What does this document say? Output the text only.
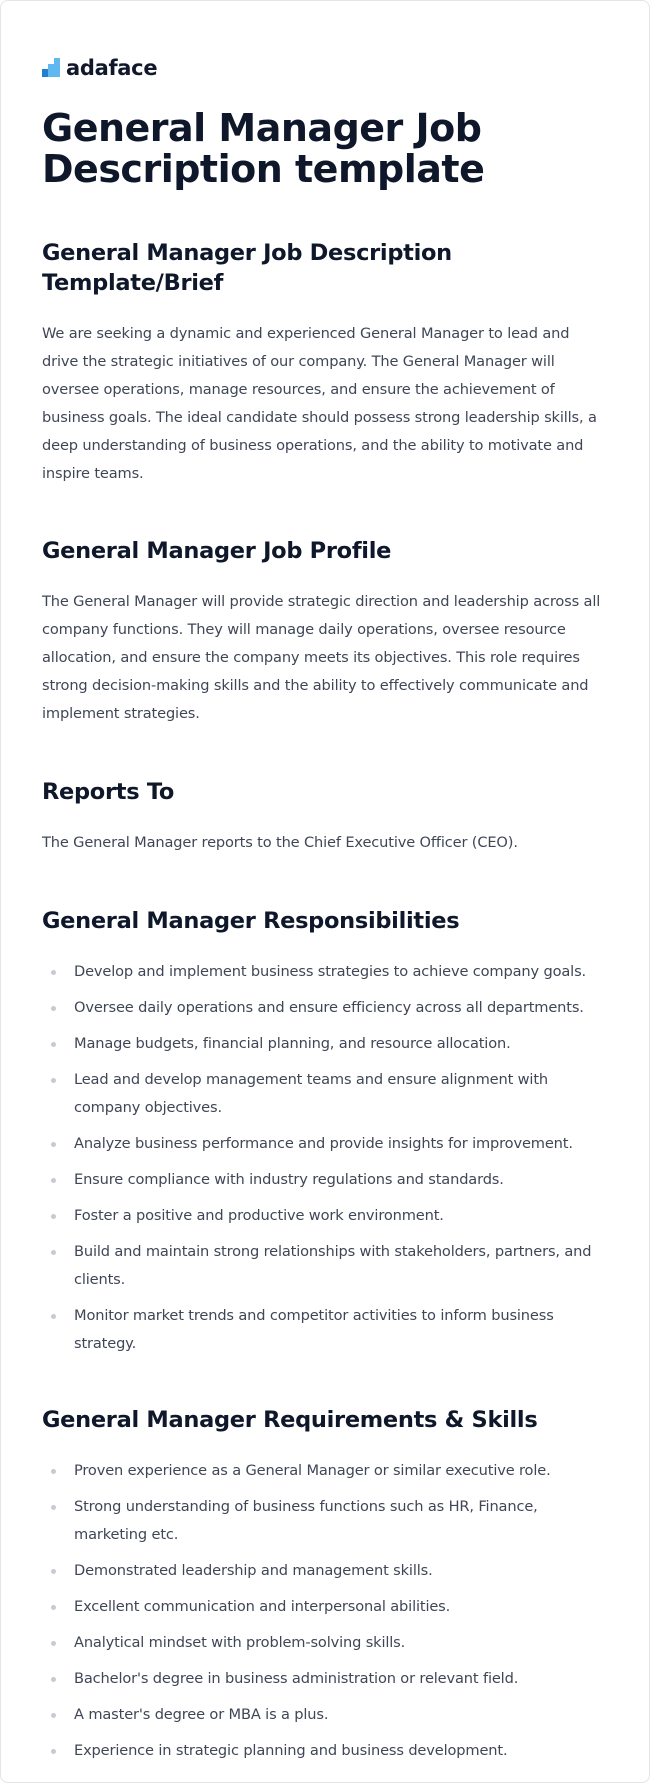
adaface
General Manager Job Description template
General Manager Job Description Template/Brief

We are seeking a dynamic and experienced General Manager to lead and drive the strategic initiatives of our company. The General Manager will oversee operations, manage resources, and ensure the achievement of business goals. The ideal candidate should possess strong leadership skills, a deep understanding of business operations, and the ability to motivate and inspire teams.

General Manager Job Profile

The General Manager will provide strategic direction and leadership across all company functions. They will manage daily operations, oversee resource allocation, and ensure the company meets its objectives. This role requires strong decision-making skills and the ability to effectively communicate and implement strategies.

Reports To

The General Manager reports to the Chief Executive Officer (CEO).

General Manager Responsibilities
Develop and implement business strategies to achieve company goals.
Oversee daily operations and ensure efficiency across all departments.
Manage budgets, financial planning, and resource allocation.
Lead and develop management teams and ensure alignment with company objectives.
Analyze business performance and provide insights for improvement.
Ensure compliance with industry regulations and standards.
Foster a positive and productive work environment.
Build and maintain strong relationships with stakeholders, partners, and clients.
Monitor market trends and competitor activities to inform business strategy.
General Manager Requirements & Skills
Proven experience as a General Manager or similar executive role.
Strong understanding of business functions such as HR, Finance, marketing etc.
Demonstrated leadership and management skills.
Excellent communication and interpersonal abilities.
Analytical mindset with problem-solving skills.
Bachelor's degree in business administration or relevant field.
A master's degree or MBA is a plus.
Experience in strategic planning and business development.
